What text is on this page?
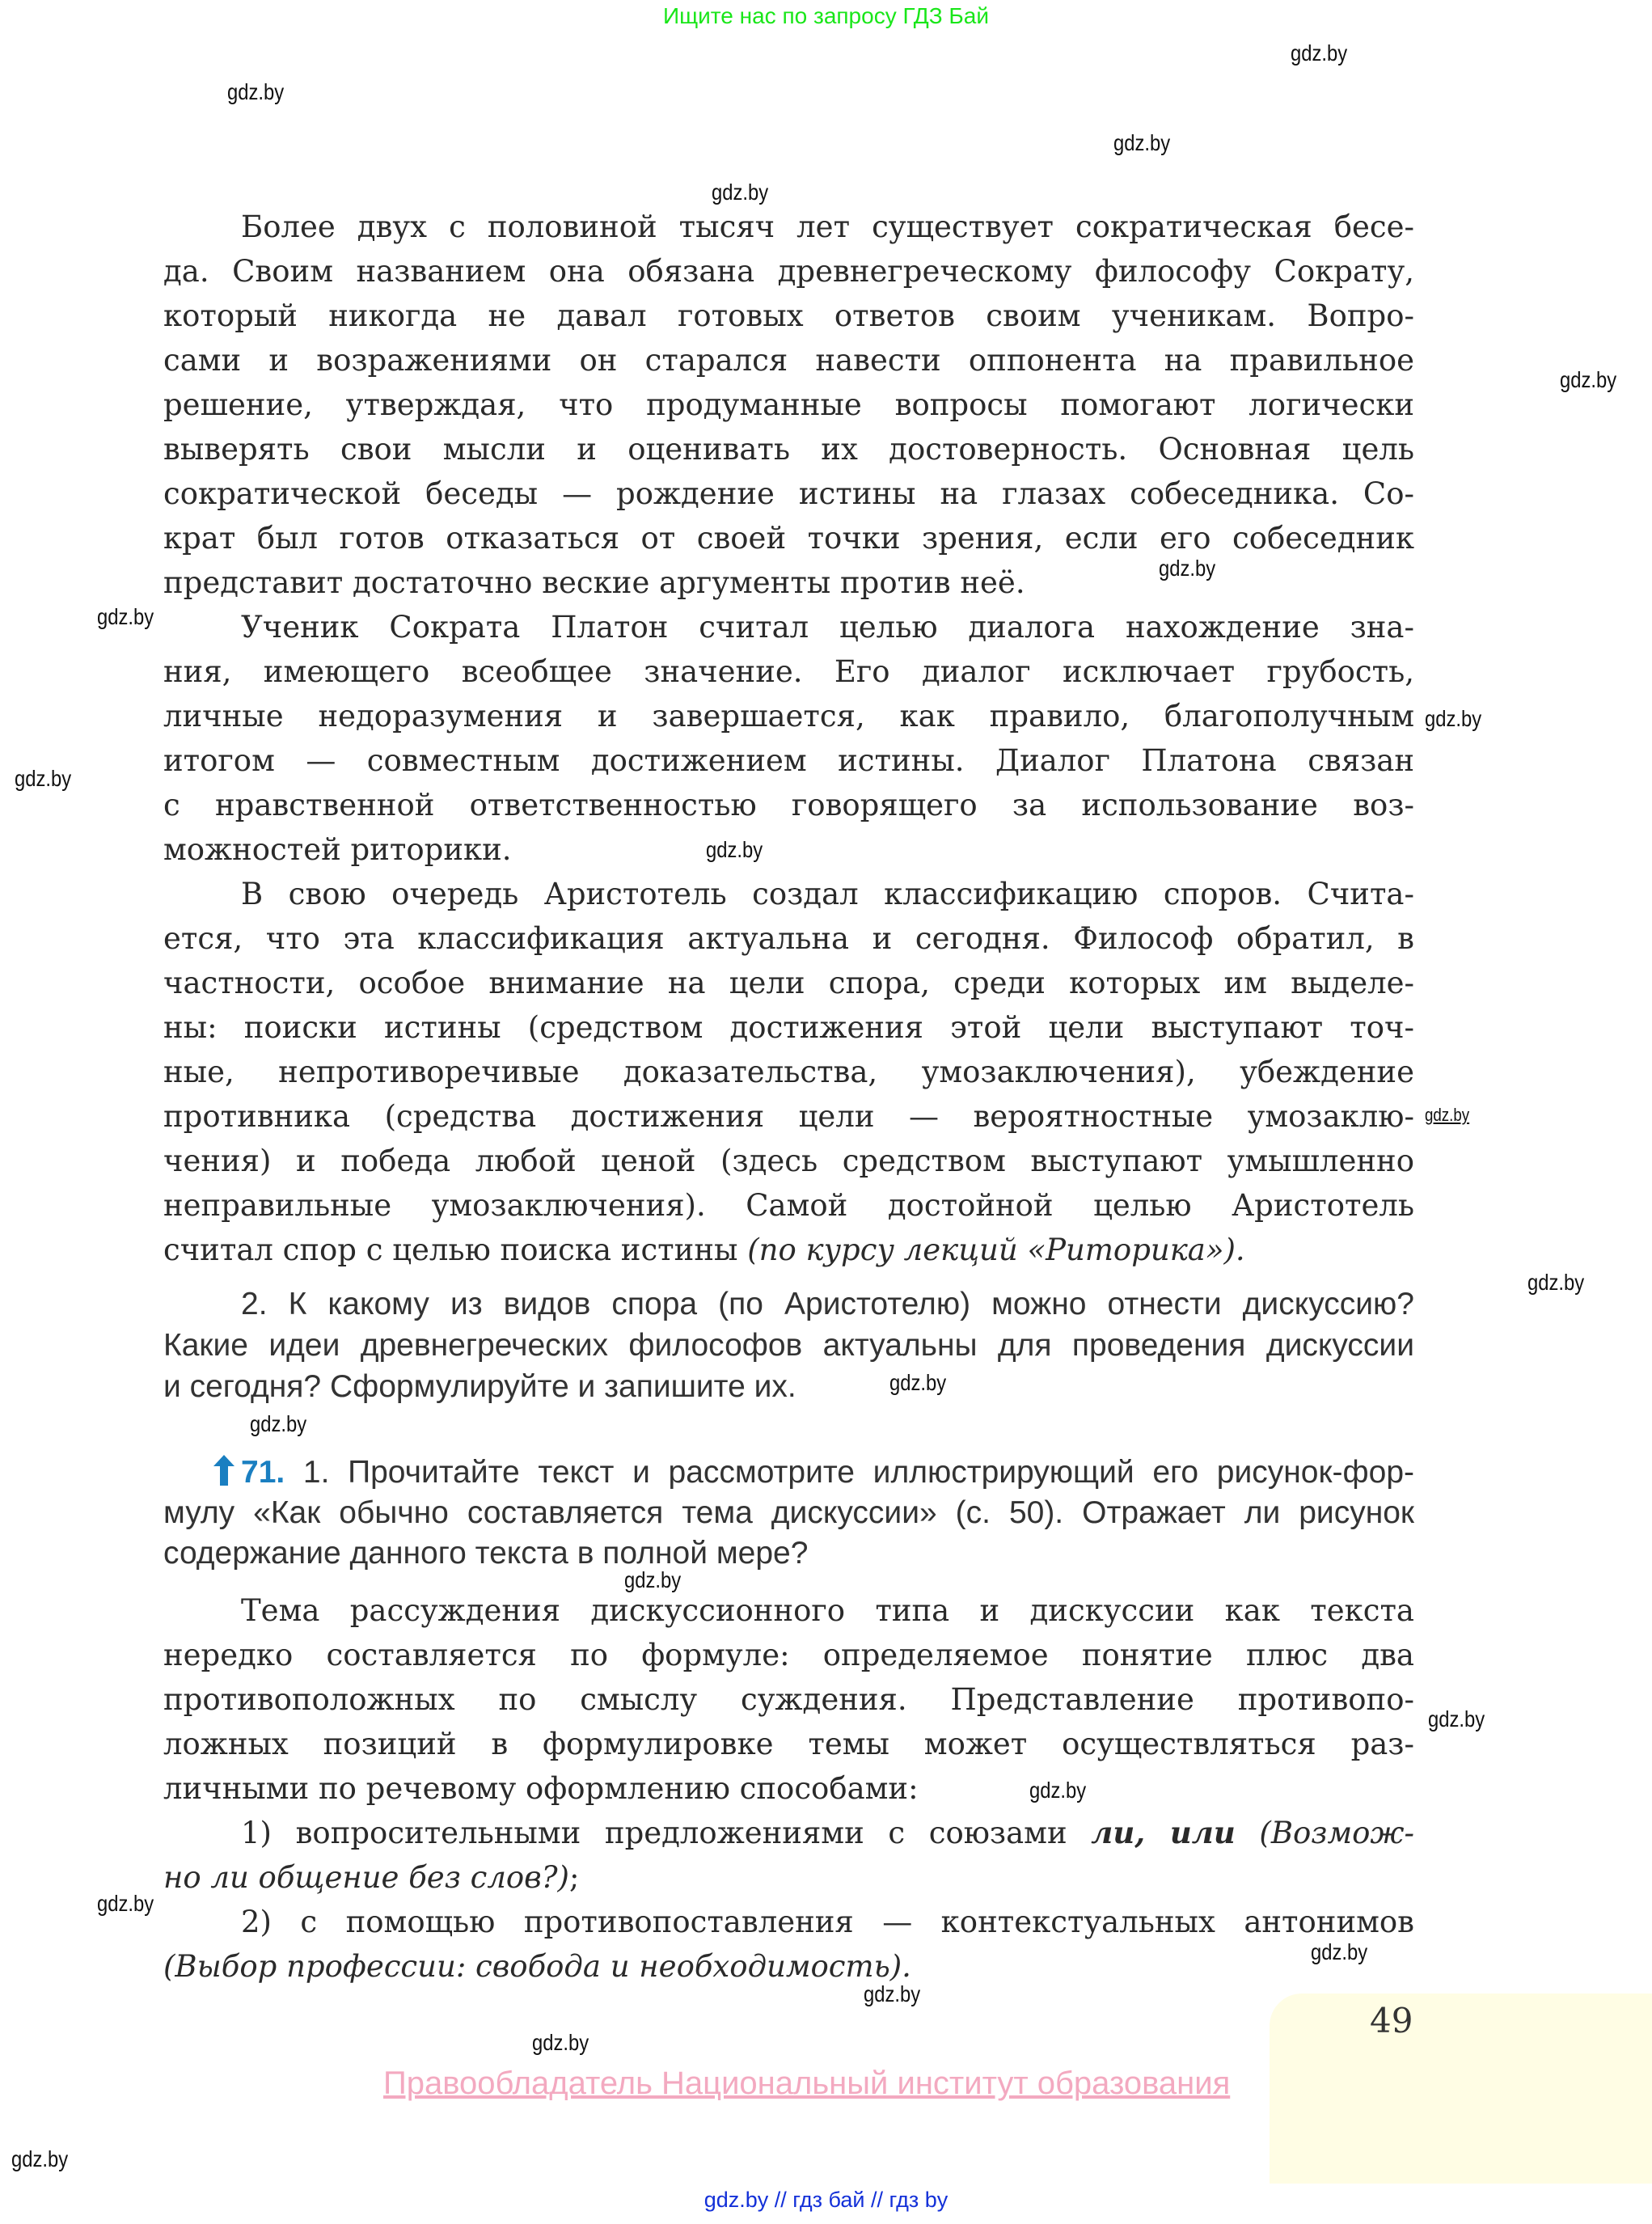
Ищите нас по запросу ГДЗ Бай
Более двух с половиной тысяч лет существует сократическая бесе-
да. Своим названием она обязана древнегреческому философу Сократу,
который никогда не давал готовых ответов своим ученикам. Вопро-
сами и возражениями он старался навести оппонента на правильное
решение, утверждая, что продуманные вопросы помогают логически
выверять свои мысли и оценивать их достоверность. Основная цель
сократической беседы — рождение истины на глазах собеседника. Со-
крат был готов отказаться от своей точки зрения, если его собеседник
представит достаточно веские аргументы против неё.
Ученик Сократа Платон считал целью диалога нахождение зна-
ния, имеющего всеобщее значение. Его диалог исключает грубость,
личные недоразумения и завершается, как правило, благополучным
итогом — совместным достижением истины. Диалог Платона связан
с нравственной ответственностью говорящего за использование воз-
можностей риторики.
В свою очередь Аристотель создал классификацию споров. Счита-
ется, что эта классификация актуальна и сегодня. Философ обратил, в
частности, особое внимание на цели спора, среди которых им выделе-
ны: поиски истины (средством достижения этой цели выступают точ-
ные, непротиворечивые доказательства, умозаключения), убеждение
противника (средства достижения цели — вероятностные умозаклю-
чения) и победа любой ценой (здесь средством выступают умышленно
неправильные умозаключения). Самой достойной целью Аристотель
считал спор с целью поиска истины (по курсу лекций «Риторика»).
2. К какому из видов спора (по Аристотелю) можно отнести дискуссию?
Какие идеи древнегреческих философов актуальны для проведения дискуссии
и сегодня? Сформулируйте и запишите их.
71. 1. Прочитайте текст и рассмотрите иллюстрирующий его рисунок-фор-
мулу «Как обычно составляется тема дискуссии» (с. 50). Отражает ли рисунок
содержание данного текста в полной мере?
Тема рассуждения дискуссионного типа и дискуссии как текста
нередко составляется по формуле: определяемое понятие плюс два
противоположных по смыслу суждения. Представление противопо-
ложных позиций в формулировке темы может осуществляться раз-
личными по речевому оформлению способами:
1) вопросительными предложениями с союзами ли, или (Возмож-
но ли общение без слов?);
2) с помощью противопоставления — контекстуальных антонимов
(Выбор профессии: свобода и необходимость).
49
Правообладатель Национальный институт образования
gdz.by // гдз бай // гдз by
gdz.by
gdz.by
gdz.by
gdz.by
gdz.by
gdz.by
gdz.by
gdz.by
gdz.by
gdz.by
gdz.by
gdz.by
gdz.by
gdz.by
gdz.by
gdz.by
gdz.by
gdz.by
gdz.by
gdz.by
gdz.by
gdz.by
